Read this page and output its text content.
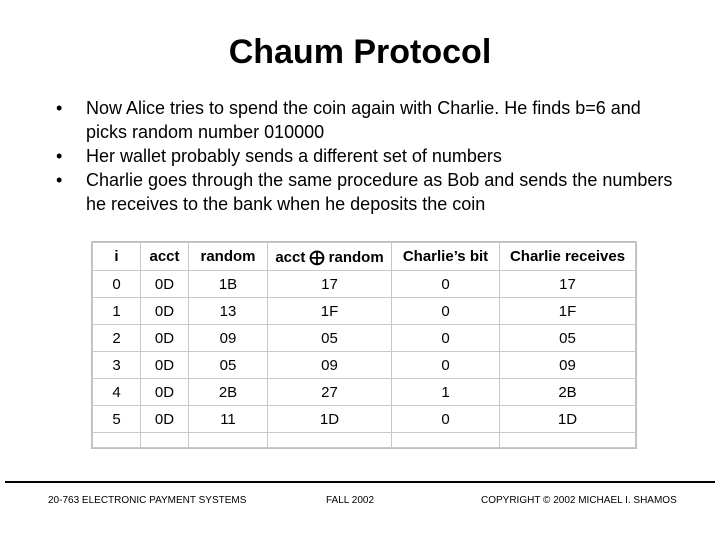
Chaum Protocol
•	Now Alice tries to spend the coin again with Charlie. He finds b=6 and picks random number 010000
•	Her wallet probably sends a different set of numbers
•	Charlie goes through the same procedure as Bob and sends the numbers he receives to the bank when he deposits the coin
i	acct	random	acct ⨁ random	Charlie’s bit	Charlie receives
0	0D	1B	17	0	17
1	0D	13	1F	0	1F
2	0D	09	05	0	05
3	0D	05	09	0	09
4	0D	2B	27	1	2B
5	0D	11	1D	0	1D

20-763 ELECTRONIC PAYMENT SYSTEMS	FALL 2002	COPYRIGHT © 2002 MICHAEL I. SHAMOS
